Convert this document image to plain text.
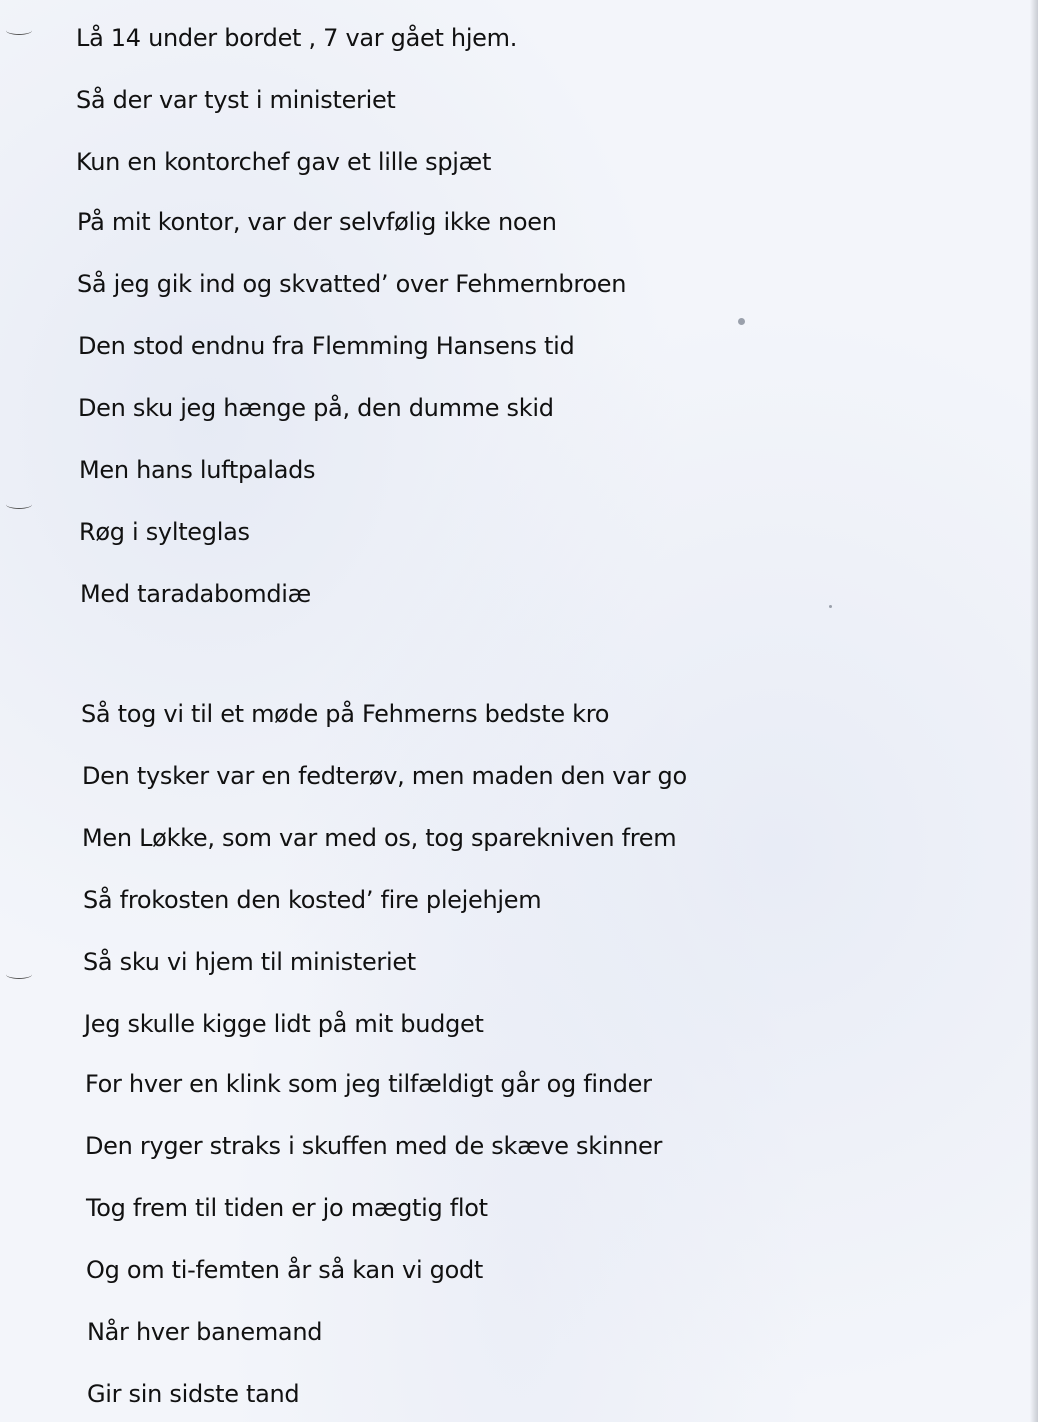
Lå 14 under bordet , 7 var gået hjem.

Så der var tyst i ministeriet

Kun en kontorchef gav et lille spjæt

På mit kontor, var der selvfølig ikke noen

Så jeg gik ind og skvatted’ over Fehmernbroen

Den stod endnu fra Flemming Hansens tid

Den sku jeg hænge på, den dumme skid

Men hans luftpalads

Røg i sylteglas

Med taradabomdiæ

Så tog vi til et møde på Fehmerns bedste kro

Den tysker var en fedterøv, men maden den var go

Men Løkke, som var med os, tog sparekniven frem

Så frokosten den kosted’ fire plejehjem

Så sku vi hjem til ministeriet

Jeg skulle kigge lidt på mit budget

For hver en klink som jeg tilfældigt går og finder

Den ryger straks i skuffen med de skæve skinner

Tog frem til tiden er jo mægtig flot

Og om ti-femten år så kan vi godt

Når hver banemand

Gir sin sidste tand
